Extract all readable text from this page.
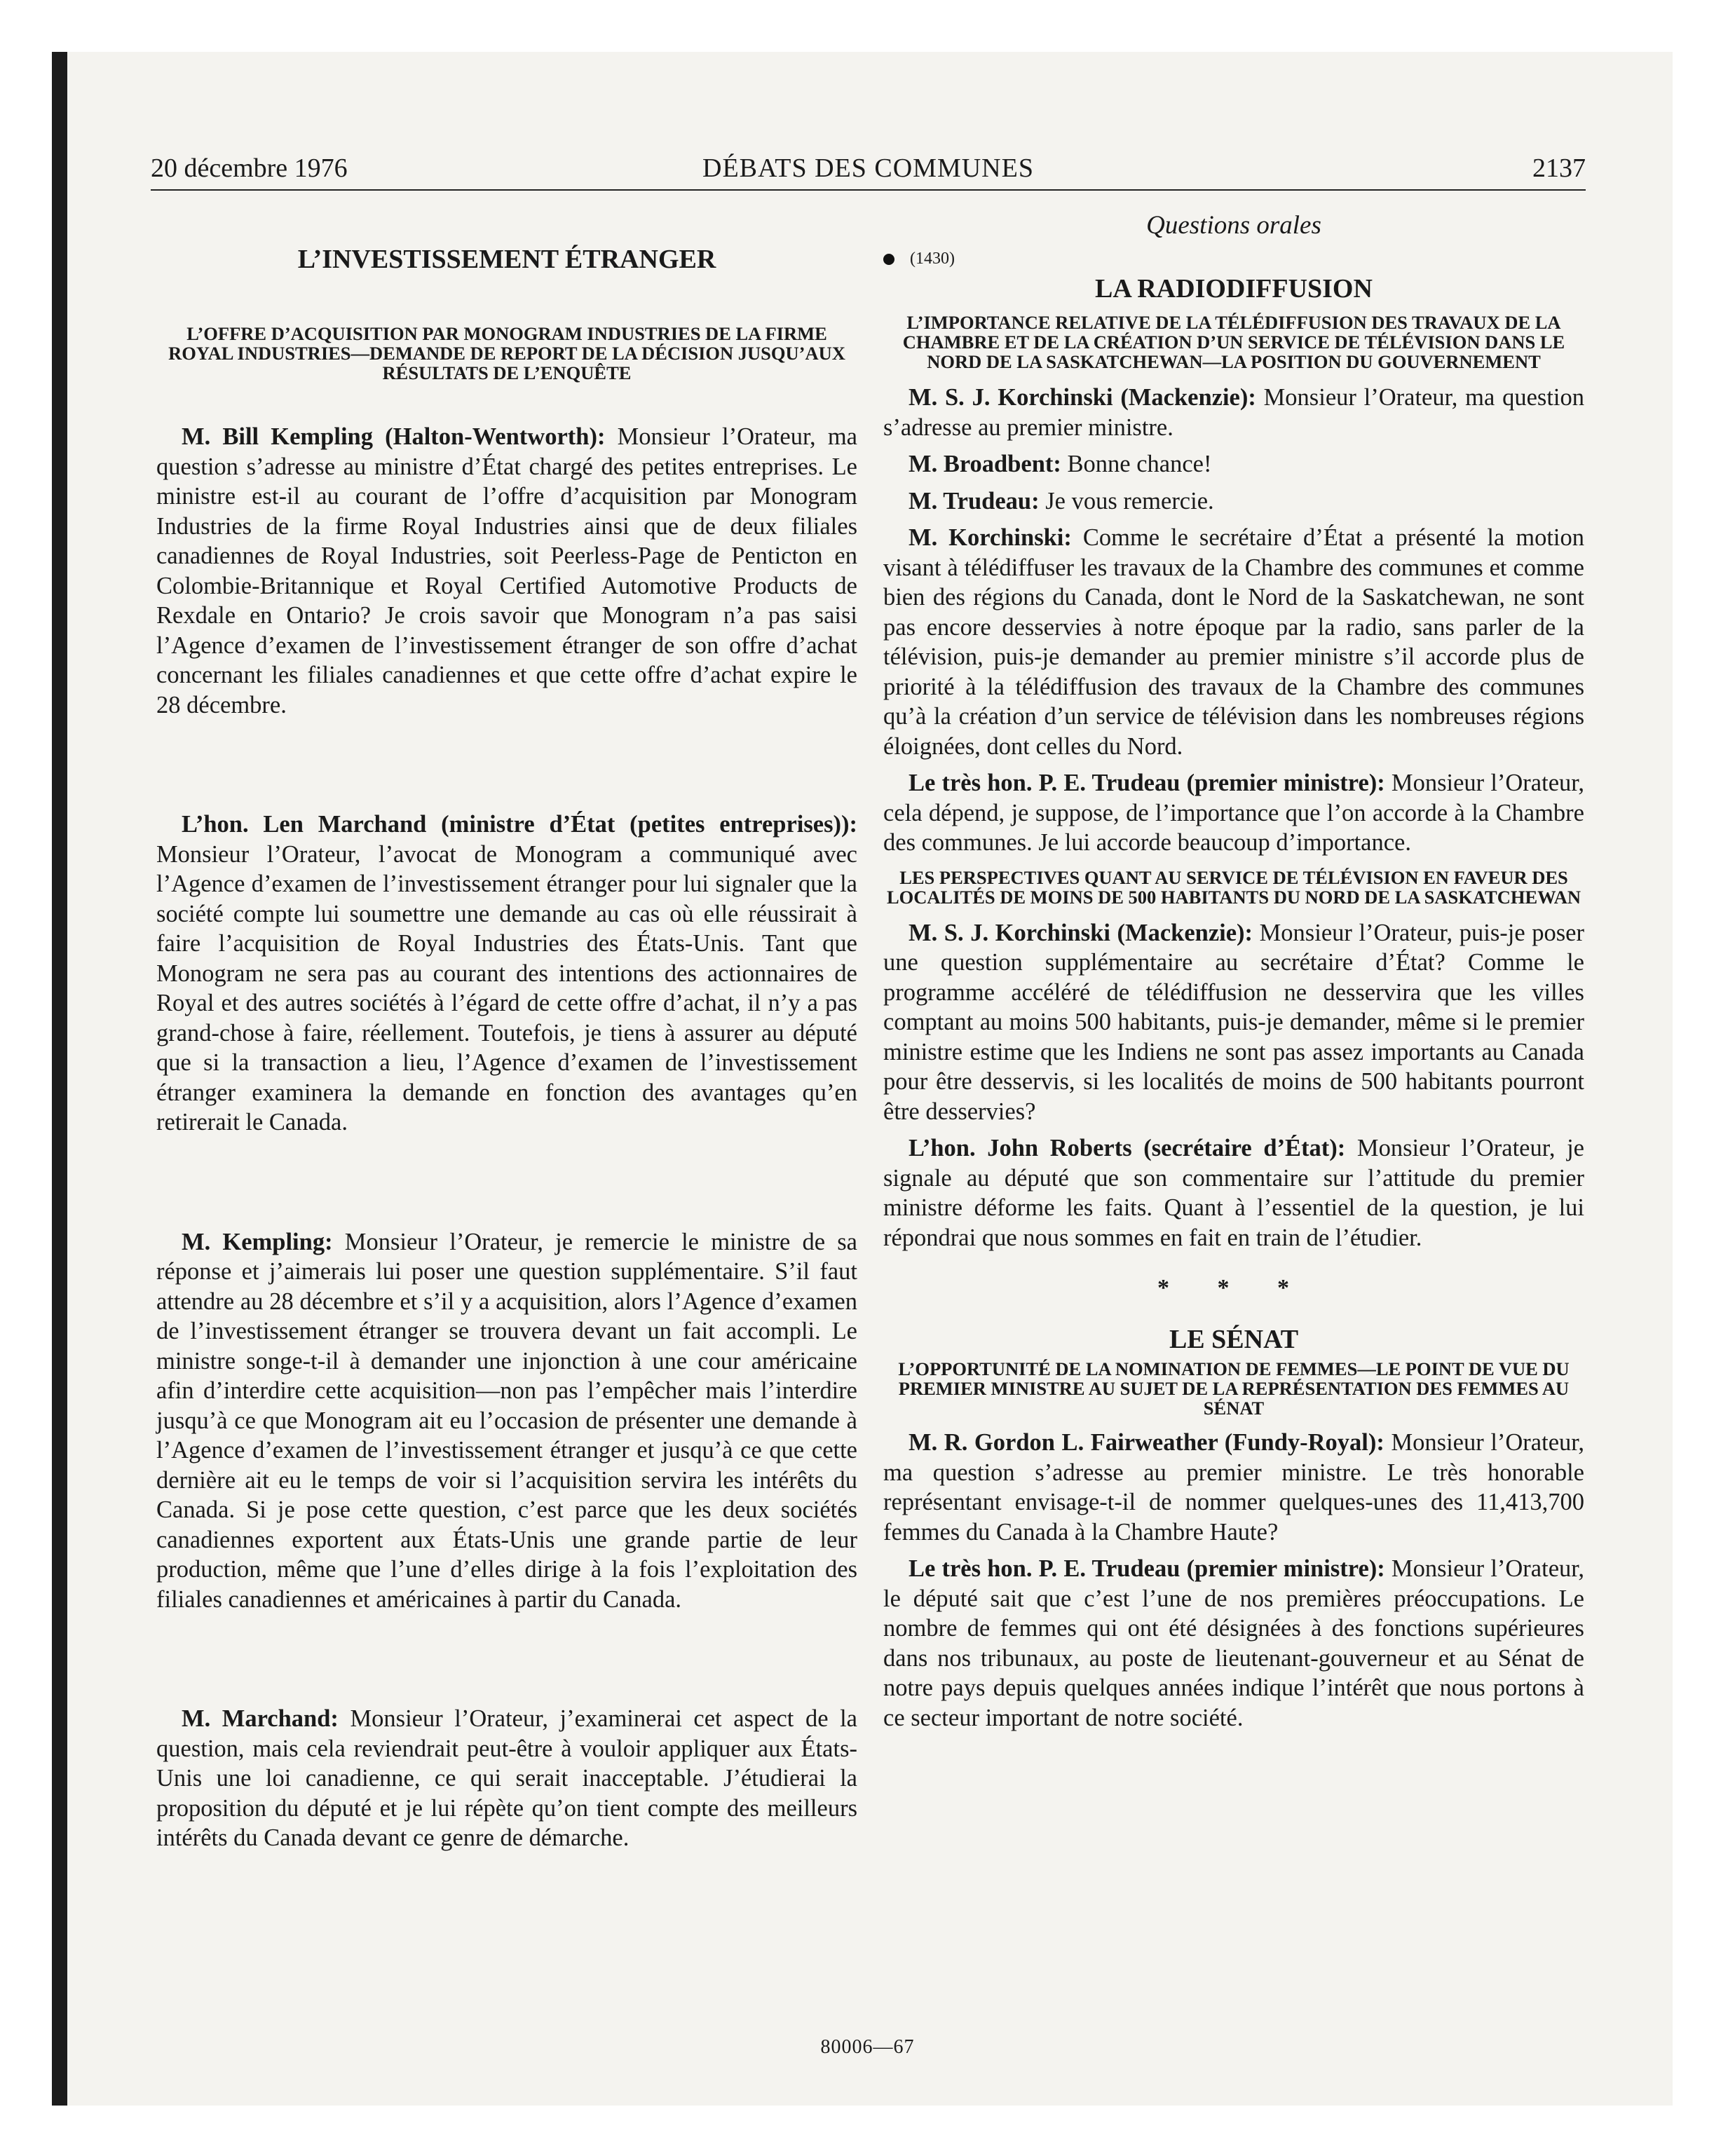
20 décembre 1976	DÉBATS DES COMMUNES	2137
L’INVESTISSEMENT ÉTRANGER
L’OFFRE D’ACQUISITION PAR MONOGRAM INDUSTRIES DE LA FIRME ROYAL INDUSTRIES—DEMANDE DE REPORT DE LA DÉCISION JUSQU’AUX RÉSULTATS DE L’ENQUÊTE

M. Bill Kempling (Halton-Wentworth): Monsieur l’Orateur, ma question s’adresse au ministre d’État chargé des petites entreprises. Le ministre est-il au courant de l’offre d’acquisition par Monogram Industries de la firme Royal Industries ainsi que de deux filiales canadiennes de Royal Industries, soit Peerless-Page de Penticton en Colombie-Britannique et Royal Certified Automotive Products de Rexdale en Ontario? Je crois savoir que Monogram n’a pas saisi l’Agence d’examen de l’investissement étranger de son offre d’achat concernant les filiales canadiennes et que cette offre d’achat expire le 28 décembre.

L’hon. Len Marchand (ministre d’État (petites entreprises)): Monsieur l’Orateur, l’avocat de Monogram a communiqué avec l’Agence d’examen de l’investissement étranger pour lui signaler que la société compte lui soumettre une demande au cas où elle réussirait à faire l’acquisition de Royal Industries des États-Unis. Tant que Monogram ne sera pas au courant des intentions des actionnaires de Royal et des autres sociétés à l’égard de cette offre d’achat, il n’y a pas grand-chose à faire, réellement. Toutefois, je tiens à assurer au député que si la transaction a lieu, l’Agence d’examen de l’investissement étranger examinera la demande en fonction des avantages qu’en retirerait le Canada.

M. Kempling: Monsieur l’Orateur, je remercie le ministre de sa réponse et j’aimerais lui poser une question supplémentaire. S’il faut attendre au 28 décembre et s’il y a acquisition, alors l’Agence d’examen de l’investissement étranger se trouvera devant un fait accompli. Le ministre songe-t-il à demander une injonction à une cour américaine afin d’interdire cette acquisition—non pas l’empêcher mais l’interdire jusqu’à ce que Monogram ait eu l’occasion de présenter une demande à l’Agence d’examen de l’investissement étranger et jusqu’à ce que cette dernière ait eu le temps de voir si l’acquisition servira les intérêts du Canada. Si je pose cette question, c’est parce que les deux sociétés canadiennes exportent aux États-Unis une grande partie de leur production, même que l’une d’elles dirige à la fois l’exploitation des filiales canadiennes et américaines à partir du Canada.

M. Marchand: Monsieur l’Orateur, j’examinerai cet aspect de la question, mais cela reviendrait peut-être à vouloir appliquer aux États-Unis une loi canadienne, ce qui serait inacceptable. J’étudierai la proposition du député et je lui répète qu’on tient compte des meilleurs intérêts du Canada devant ce genre de démarche.

Questions orales

(1430)

LA RADIODIFFUSION
L’IMPORTANCE RELATIVE DE LA TÉLÉDIFFUSION DES TRAVAUX DE LA CHAMBRE ET DE LA CRÉATION D’UN SERVICE DE TÉLÉVISION DANS LE NORD DE LA SASKATCHEWAN—LA POSITION DU GOUVERNEMENT

M. S. J. Korchinski (Mackenzie): Monsieur l’Orateur, ma question s’adresse au premier ministre.

M. Broadbent: Bonne chance!

M. Trudeau: Je vous remercie.

M. Korchinski: Comme le secrétaire d’État a présenté la motion visant à télédiffuser les travaux de la Chambre des communes et comme bien des régions du Canada, dont le Nord de la Saskatchewan, ne sont pas encore desservies à notre époque par la radio, sans parler de la télévision, puis-je demander au premier ministre s’il accorde plus de priorité à la télédiffusion des travaux de la Chambre des communes qu’à la création d’un service de télévision dans les nombreuses régions éloignées, dont celles du Nord.

Le très hon. P. E. Trudeau (premier ministre): Monsieur l’Orateur, cela dépend, je suppose, de l’importance que l’on accorde à la Chambre des communes. Je lui accorde beaucoup d’importance.

LES PERSPECTIVES QUANT AU SERVICE DE TÉLÉVISION EN FAVEUR DES LOCALITÉS DE MOINS DE 500 HABITANTS DU NORD DE LA SASKATCHEWAN

M. S. J. Korchinski (Mackenzie): Monsieur l’Orateur, puis-je poser une question supplémentaire au secrétaire d’État? Comme le programme accéléré de télédiffusion ne desservira que les villes comptant au moins 500 habitants, puis-je demander, même si le premier ministre estime que les Indiens ne sont pas assez importants au Canada pour être desservis, si les localités de moins de 500 habitants pourront être desservies?

L’hon. John Roberts (secrétaire d’État): Monsieur l’Orateur, je signale au député que son commentaire sur l’attitude du premier ministre déforme les faits. Quant à l’essentiel de la question, je lui répondrai que nous sommes en fait en train de l’étudier.

* * *
LE SÉNAT
L’OPPORTUNITÉ DE LA NOMINATION DE FEMMES—LE POINT DE VUE DU PREMIER MINISTRE AU SUJET DE LA REPRÉSENTATION DES FEMMES AU SÉNAT

M. R. Gordon L. Fairweather (Fundy-Royal): Monsieur l’Orateur, ma question s’adresse au premier ministre. Le très honorable représentant envisage-t-il de nommer quelques-unes des 11,413,700 femmes du Canada à la Chambre Haute?

Le très hon. P. E. Trudeau (premier ministre): Monsieur l’Orateur, le député sait que c’est l’une de nos premières préoccupations. Le nombre de femmes qui ont été désignées à des fonctions supérieures dans nos tribunaux, au poste de lieutenant-gouverneur et au Sénat de notre pays depuis quelques années indique l’intérêt que nous portons à ce secteur important de notre société.

80006—67
